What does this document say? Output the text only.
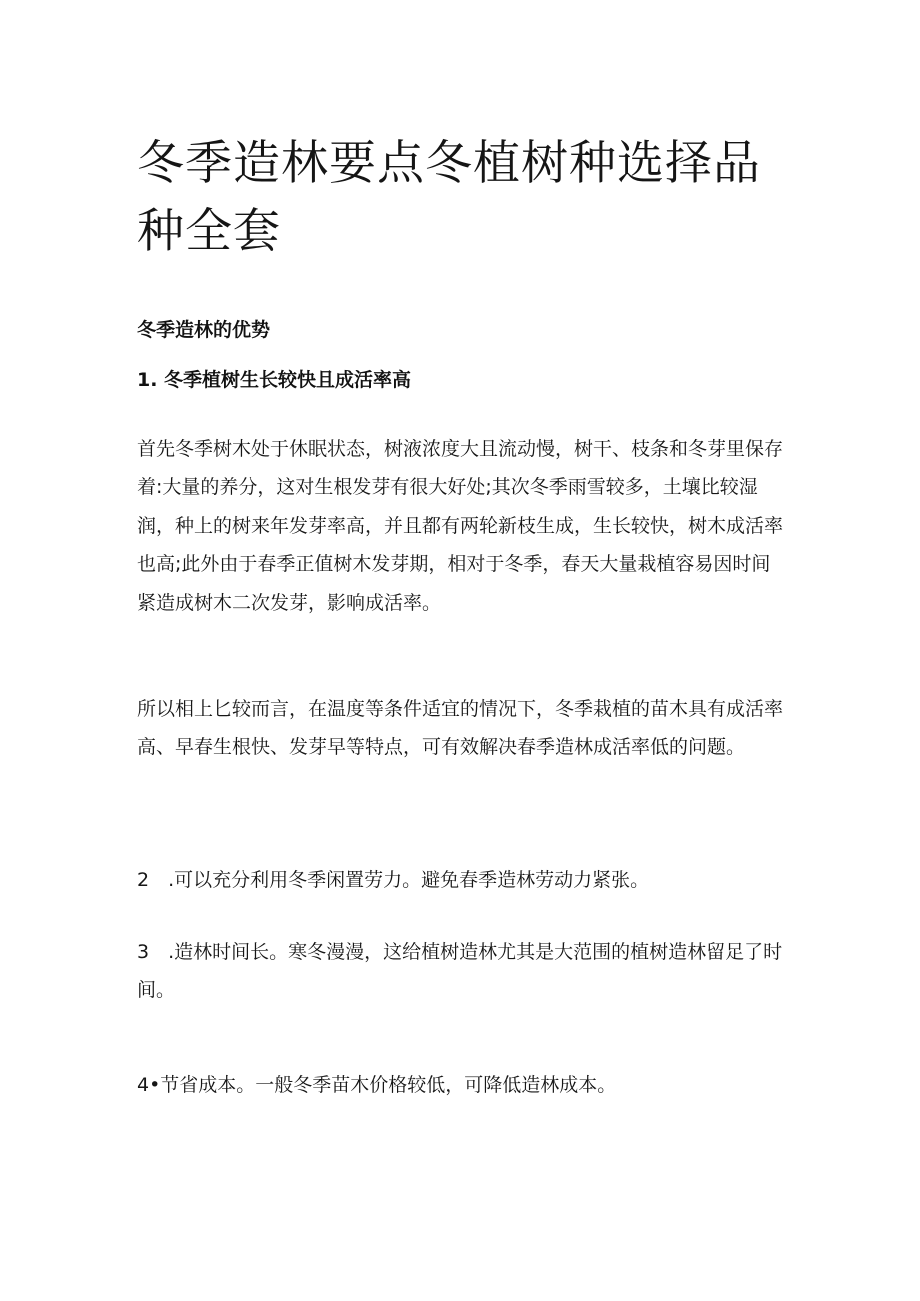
冬季造林要点冬植树种选择品种全套
冬季造林的优势
1. 冬季植树生长较快且成活率高

首先冬季树木处于休眠状态，树液浓度大且流动慢，树干、枝条和冬芽里保存着:大量的养分，这对生根发芽有很大好处;其次冬季雨雪较多，土壤比较湿润，种上的树来年发芽率高，并且都有两轮新枝生成，生长较快，树木成活率也高;此外由于春季正值树木发芽期，相对于冬季，春天大量栽植容易因时间紧造成树木二次发芽，影响成活率。

所以相上匕较而言，在温度等条件适宜的情况下，冬季栽植的苗木具有成活率高、早春生根快、发芽早等特点，可有效解决春季造林成活率低的问题。

2　.可以充分利用冬季闲置劳力。避免春季造林劳动力紧张。

3　.造林时间长。寒冬漫漫，这给植树造林尤其是大范围的植树造林留足了时间。

4•节省成本。一般冬季苗木价格较低，可降低造林成本。
